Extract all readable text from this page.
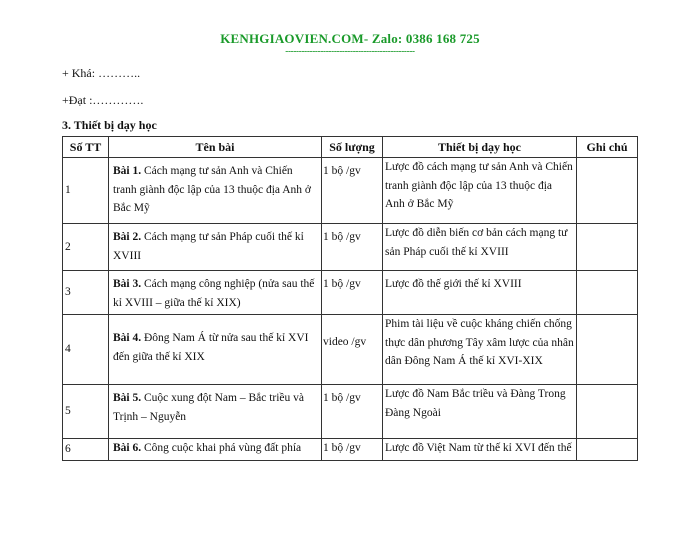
KENHGIAOVIEN.COM- Zalo: 0386 168 725
------------------------------------------------
+ Khá: ………..
+Đạt :………….
3. Thiết bị dạy học
Số TT	Tên bài	Số lượng	Thiết bị dạy học	Ghi chú
1	Bài 1. Cách mạng tư sản Anh và Chiến tranh giành độc lập của 13 thuộc địa Anh ở Bắc Mỹ	1 bộ /gv	Lược đồ cách mạng tư sản Anh và Chiến tranh giành độc lập của 13 thuộc địa Anh ở Bắc Mỹ	
2	Bài 2. Cách mạng tư sản Pháp cuối thế kỉ XVIII	1 bộ /gv	Lược đồ diễn biến cơ bản cách mạng tư sản Pháp cuối thế kỉ XVIII	
3	Bài 3. Cách mạng công nghiệp (nửa sau thế kỉ XVIII – giữa thế kỉ XIX)	1 bộ /gv	Lược đồ thế giới thế kỉ XVIII	
4	Bài 4. Đông Nam Á từ nửa sau thế kỉ XVI đến giữa thế kỉ XIX	video /gv	Phim tài liệu về cuộc kháng chiến chống thực dân phương Tây xâm lược của nhân dân Đông Nam Á thế kỉ XVI-XIX	
5	Bài 5. Cuộc xung đột Nam – Bắc triều và Trịnh – Nguyễn	1 bộ /gv	Lược đồ Nam Bắc triều và Đàng Trong Đàng Ngoài	
6	Bài 6. Công cuộc khai phá vùng đất phía	1 bộ /gv	Lược đồ Việt Nam từ thế kỉ XVI đến thế	
